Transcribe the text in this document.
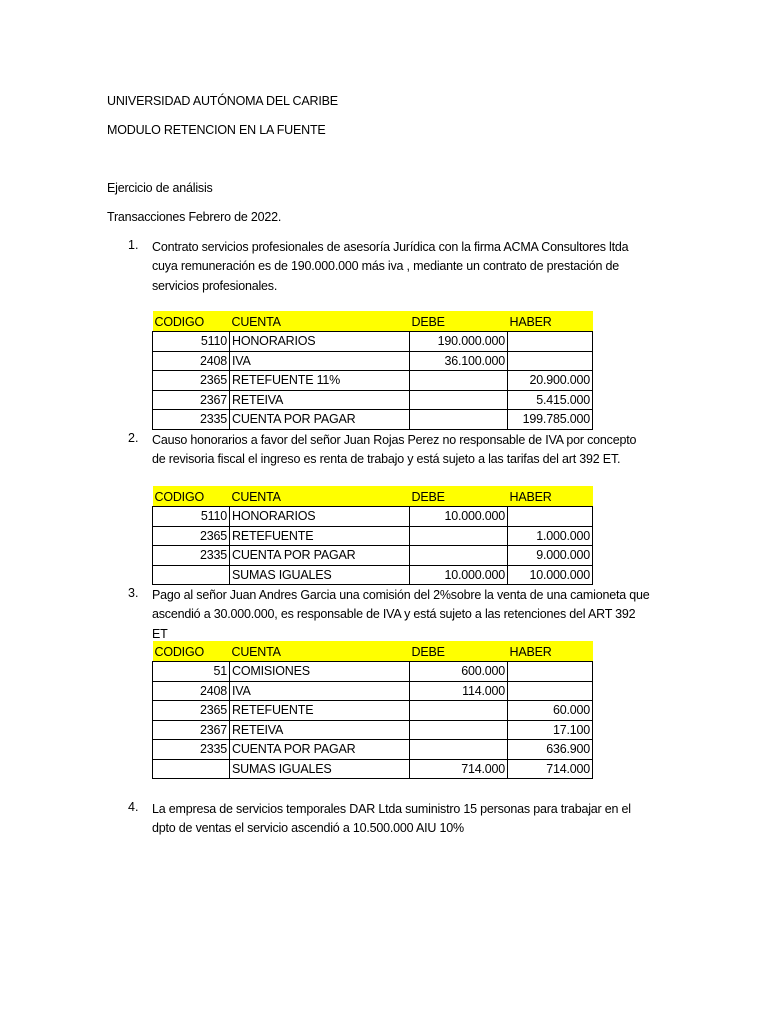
UNIVERSIDAD AUTÓNOMA DEL CARIBE
MODULO RETENCION EN LA FUENTE
Ejercicio de análisis
Transacciones Febrero de 2022.
1. Contrato servicios profesionales de asesoría Jurídica con la firma ACMA Consultores ltda cuya remuneración es de 190.000.000 más iva , mediante un contrato de prestación de servicios profesionales.
CODIGO	CUENTA	DEBE	HABER
5110	HONORARIOS	190.000.000	
2408	IVA	36.100.000	
2365	RETEFUENTE 11%		20.900.000
2367	RETEIVA		5.415.000
2335	CUENTA POR PAGAR		199.785.000
2. Causo honorarios a favor del señor Juan Rojas Perez no responsable de IVA por concepto de revisoria fiscal el ingreso es renta de trabajo y está sujeto a las tarifas del art 392 ET.
CODIGO	CUENTA	DEBE	HABER
5110	HONORARIOS	10.000.000	
2365	RETEFUENTE		1.000.000
2335	CUENTA POR PAGAR		9.000.000
	SUMAS IGUALES	10.000.000	10.000.000
3. Pago al señor Juan Andres Garcia una comisión del 2%sobre la venta de una camioneta que ascendió a 30.000.000, es responsable de IVA y está sujeto a las retenciones del ART 392 ET
CODIGO	CUENTA	DEBE	HABER
51	COMISIONES	600.000	
2408	IVA	114.000	
2365	RETEFUENTE		60.000
2367	RETEIVA		17.100
2335	CUENTA POR PAGAR		636.900
	SUMAS IGUALES	714.000	714.000
4. La empresa de servicios temporales DAR Ltda suministro 15 personas para trabajar en el dpto de ventas el servicio ascendió a 10.500.000 AIU 10%
